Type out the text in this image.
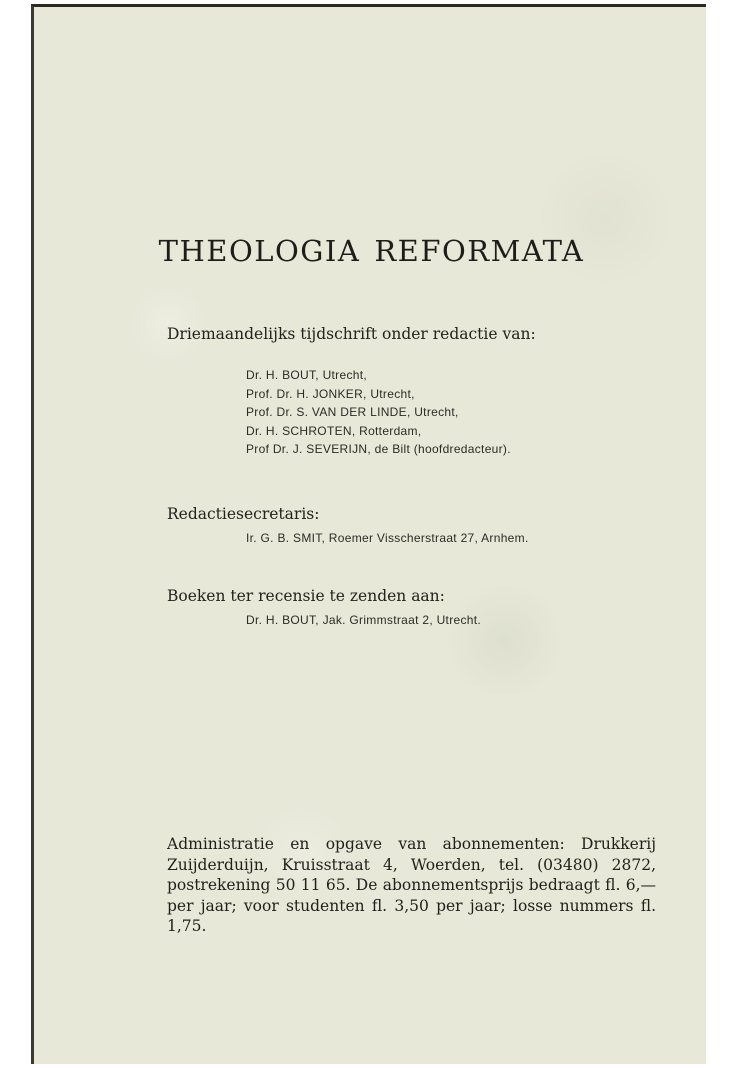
THEOLOGIA REFORMATA
Driemaandelijks tijdschrift onder redactie van:
Dr. H. BOUT, Utrecht,
Prof. Dr. H. JONKER, Utrecht,
Prof. Dr. S. VAN DER LINDE, Utrecht,
Dr. H. SCHROTEN, Rotterdam,
Prof Dr. J. SEVERIJN, de Bilt (hoofdredacteur).
Redactiesecretaris:
Ir. G. B. SMIT, Roemer Visscherstraat 27, Arnhem.
Boeken ter recensie te zenden aan:
Dr. H. BOUT, Jak. Grimmstraat 2, Utrecht.

Administratie en opgave van abonnementen: Drukkerij Zuijderduijn, Kruisstraat 4, Woerden, tel. (03480) 2872, postrekening 50 11 65. De abonnementsprijs bedraagt fl. 6,— per jaar; voor studenten fl. 3,50 per jaar; losse nummers fl. 1,75.
